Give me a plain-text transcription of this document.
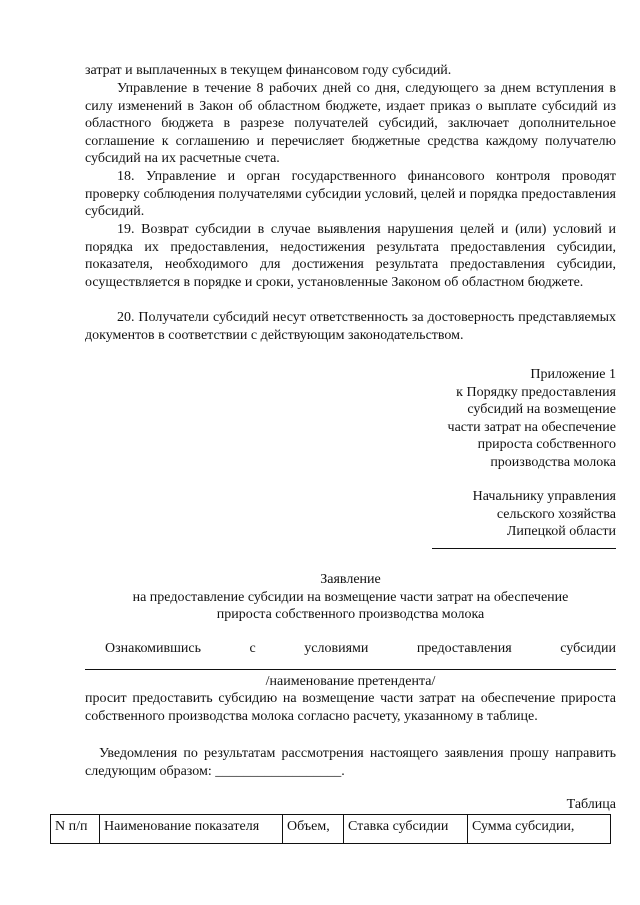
затрат и выплаченных в текущем финансовом году субсидий.

Управление в течение 8 рабочих дней со дня, следующего за днем вступления в силу изменений в Закон об областном бюджете, издает приказ о выплате субсидий из областного бюджета в разрезе получателей субсидий, заключает дополнительное соглашение к соглашению и перечисляет бюджетные средства каждому получателю субсидий на их расчетные счета.

18. Управление и орган государственного финансового контроля проводят проверку соблюдения получателями субсидии условий, целей и порядка предоставления субсидий.

19. Возврат субсидии в случае выявления нарушения целей и (или) условий и порядка их предоставления, недостижения результата предоставления субсидии, показателя, необходимого для достижения результата предоставления субсидии, осуществляется в порядке и сроки, установленные Законом об областном бюджете.

20. Получатели субсидий несут ответственность за достоверность представляемых документов в соответствии с действующим законодательством.

Приложение 1

к Порядку предоставления

субсидий на возмещение

части затрат на обеспечение

прироста собственного

производства молока

Начальнику управления

сельского хозяйства

Липецкой области

Заявление

на предоставление субсидии на возмещение части затрат на обеспечение

прироста собственного производства молока

Ознакомившись	с	условиями	предоставления	субсидии

/наименование претендента/

просит предоставить субсидию на возмещение части затрат на обеспечение прироста собственного производства молока согласно расчету, указанному в таблице.

Уведомления по результатам рассмотрения настоящего заявления прошу направить следующим образом: __________________.

Таблица

N п/п	Наименование показателя	Объем,	Ставка субсидии	Сумма субсидии,
